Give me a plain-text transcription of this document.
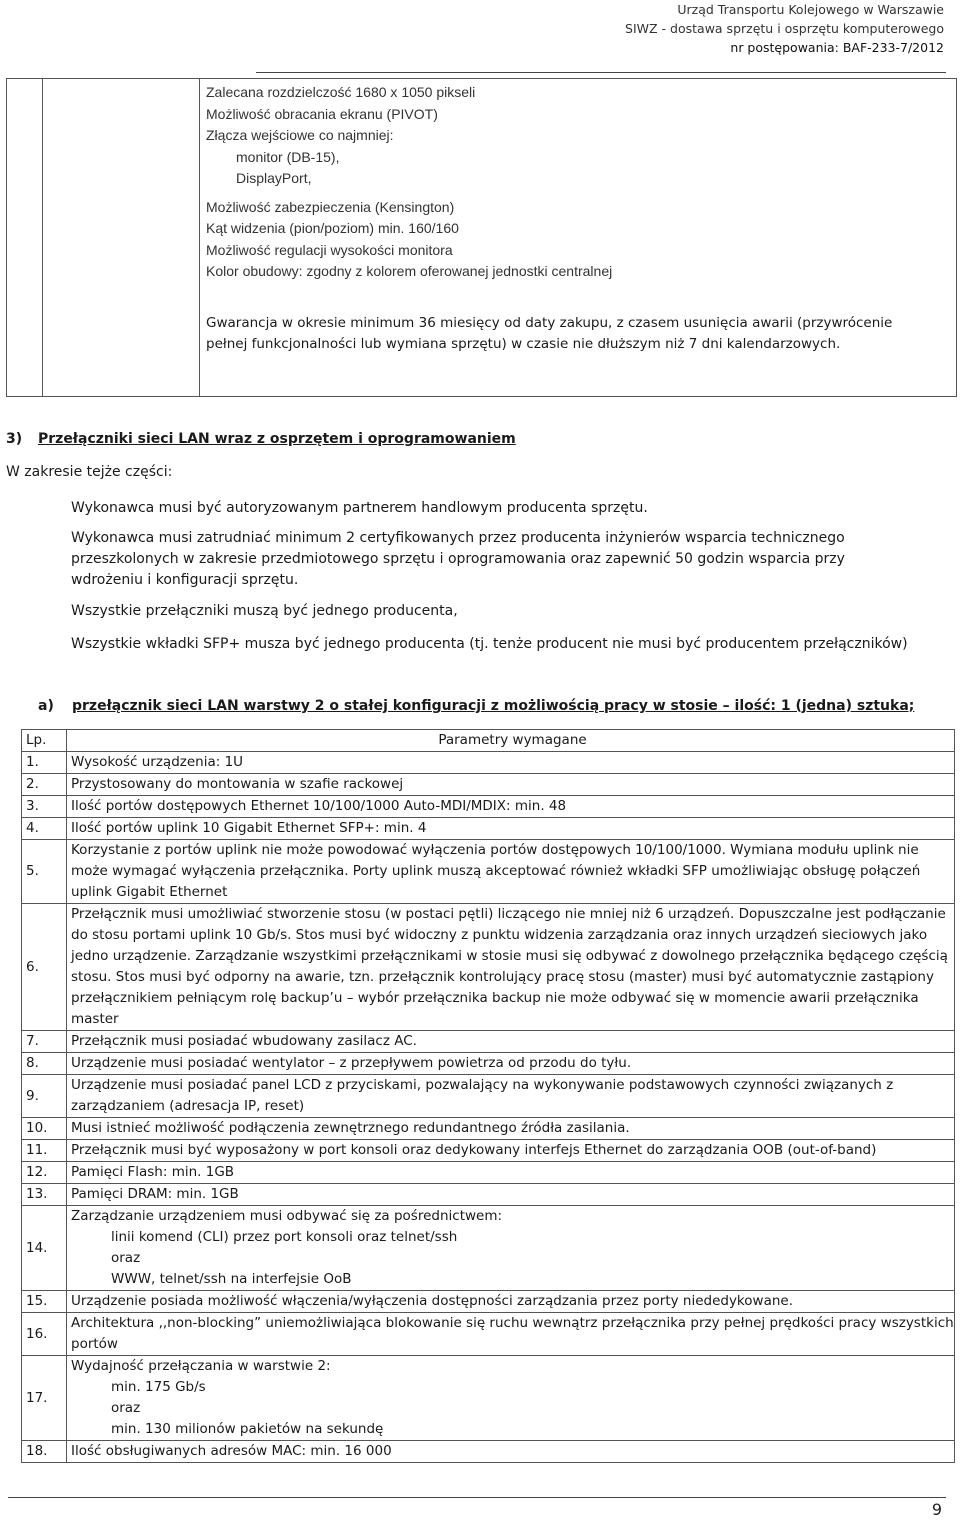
Urząd Transportu Kolejowego w Warszawie
SIWZ - dostawa sprzętu i osprzętu komputerowego
nr postępowania: BAF-233-7/2012

Zalecana rozdzielczość 1680 x 1050 pikseli
Możliwość obracania ekranu (PIVOT)
Złącza wejściowe co najmniej:
monitor (DB-15),
DisplayPort,
Możliwość zabezpieczenia (Kensington)
Kąt widzenia (pion/poziom) min. 160/160
Możliwość regulacji wysokości monitora
Kolor obudowy: zgodny z kolorem oferowanej jednostki centralnej
Gwarancja w okresie minimum 36 miesięcy od daty zakupu, z czasem usunięcia awarii (przywrócenie pełnej funkcjonalności lub wymiana sprzętu) w czasie nie dłuższym niż 7 dni kalendarzowych.
3) Przełączniki sieci LAN wraz z osprzętem i oprogramowaniem
W zakresie tejże części:
Wykonawca musi być autoryzowanym partnerem handlowym producenta sprzętu.
Wykonawca musi zatrudniać minimum 2 certyfikowanych przez producenta inżynierów wsparcia technicznego przeszkolonych w zakresie przedmiotowego sprzętu i oprogramowania oraz zapewnić 50 godzin wsparcia przy wdrożeniu i konfiguracji sprzętu.
Wszystkie przełączniki muszą być jednego producenta,
Wszystkie wkładki SFP+ musza być jednego producenta (tj. tenże producent nie musi być producentem przełączników)
a) przełącznik sieci LAN warstwy 2 o stałej konfiguracji z możliwością pracy w stosie – ilość: 1 (jedna) sztuka;
Lp.	Parametry wymagane
1.	Wysokość urządzenia: 1U

2.	Przystosowany do montowania w szafie rackowej

3.	Ilość portów dostępowych Ethernet 10/100/1000 Auto-MDI/MDIX: min. 48

4.	Ilość portów uplink 10 Gigabit Ethernet SFP+: min. 4

5.	Korzystanie z portów uplink nie może powodować wyłączenia portów dostępowych 10/100/1000. Wymiana modułu uplink nie może wymagać wyłączenia przełącznika. Porty uplink muszą akceptować również wkładki SFP umożliwiając obsługę połączeń uplink Gigabit Ethernet

6.	Przełącznik musi umożliwiać stworzenie stosu (w postaci pętli) liczącego nie mniej niż 6 urządzeń. Dopuszczalne jest podłączanie do stosu portami uplink 10 Gb/s. Stos musi być widoczny z punktu widzenia zarządzania oraz innych urządzeń sieciowych jako jedno urządzenie. Zarządzanie wszystkimi przełącznikami w stosie musi się odbywać z dowolnego przełącznika będącego częścią stosu. Stos musi być odporny na awarie, tzn. przełącznik kontrolujący pracę stosu (master) musi być automatycznie zastąpiony przełącznikiem pełniącym rolę backup’u – wybór przełącznika backup nie może odbywać się w momencie awarii przełącznika master

7.	Przełącznik musi posiadać wbudowany zasilacz AC.

8.	Urządzenie musi posiadać wentylator – z przepływem powietrza od przodu do tyłu.

9.	Urządzenie musi posiadać panel LCD z przyciskami, pozwalający na wykonywanie podstawowych czynności związanych z zarządzaniem (adresacja IP, reset)

10.	Musi istnieć możliwość podłączenia zewnętrznego redundantnego źródła zasilania.

11.	Przełącznik musi być wyposażony w port konsoli oraz dedykowany interfejs Ethernet do zarządzania OOB (out-of-band)

12.	Pamięci Flash: min. 1GB

13.	Pamięci DRAM: min. 1GB

14.	Zarządzanie urządzeniem musi odbywać się za pośrednictwem:
linii komend (CLI) przez port konsoli oraz telnet/ssh
oraz
WWW, telnet/ssh na interfejsie OoB

15.	Urządzenie posiada możliwość włączenia/wyłączenia dostępności zarządzania przez porty niededykowane.

16.	Architektura ,,non-blocking” uniemożliwiająca blokowanie się ruchu wewnątrz przełącznika przy pełnej prędkości pracy wszystkich portów

17.	Wydajność przełączania w warstwie 2:
min. 175 Gb/s
oraz
min. 130 milionów pakietów na sekundę

18.	Ilość obsługiwanych adresów MAC: min. 16 000
9
